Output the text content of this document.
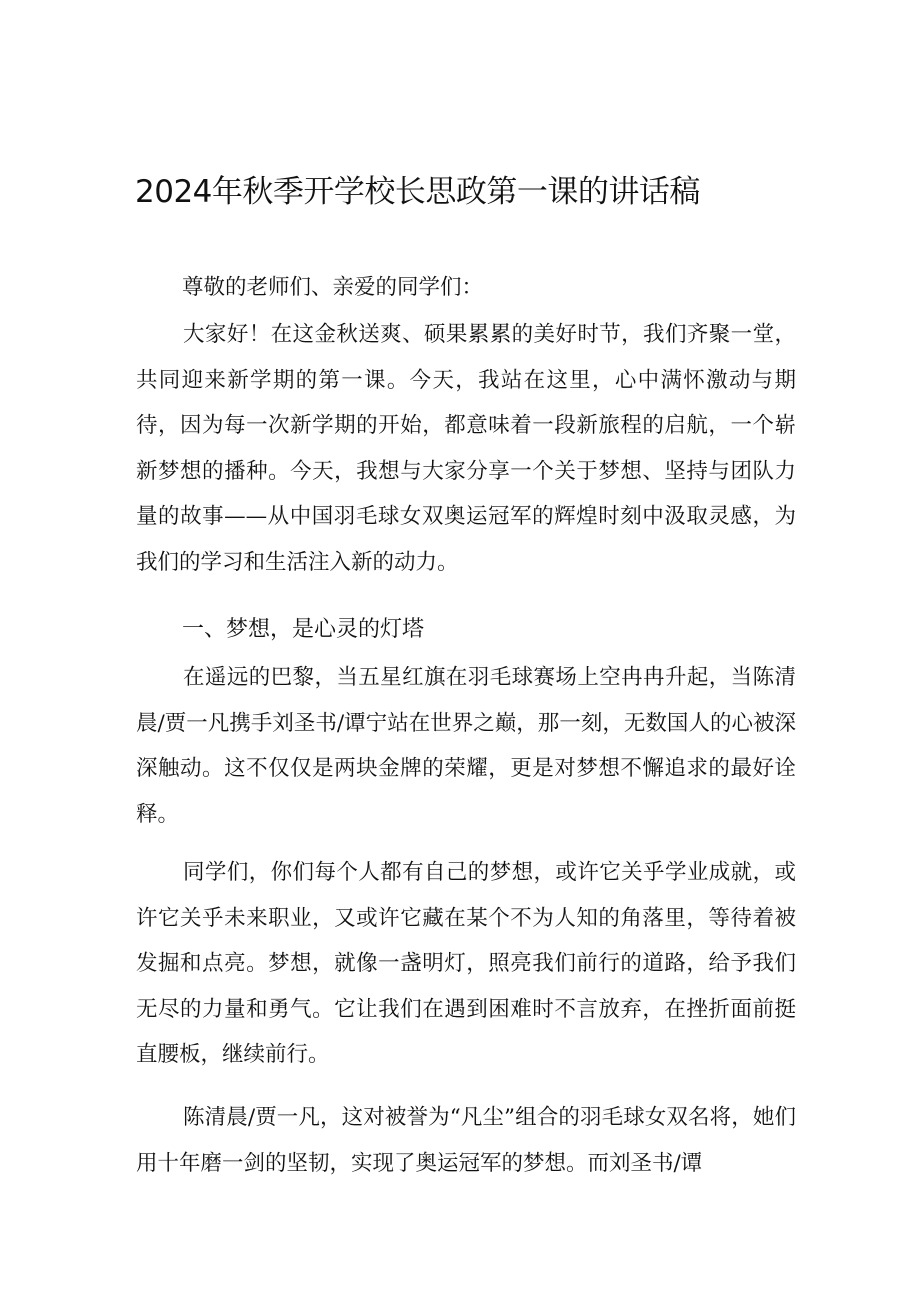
2024年秋季开学校长思政第一课的讲话稿

尊敬的老师们、亲爱的同学们：

大家好！在这金秋送爽、硕果累累的美好时节，我们齐聚一堂，共同迎来新学期的第一课。今天，我站在这里，心中满怀激动与期待，因为每一次新学期的开始，都意味着一段新旅程的启航，一个崭新梦想的播种。今天，我想与大家分享一个关于梦想、坚持与团队力量的故事——从中国羽毛球女双奥运冠军的辉煌时刻中汲取灵感，为我们的学习和生活注入新的动力。

一、梦想，是心灵的灯塔

在遥远的巴黎，当五星红旗在羽毛球赛场上空冉冉升起，当陈清晨/贾一凡携手刘圣书/谭宁站在世界之巅，那一刻，无数国人的心被深深触动。这不仅仅是两块金牌的荣耀，更是对梦想不懈追求的最好诠释。

同学们，你们每个人都有自己的梦想，或许它关乎学业成就，或许它关乎未来职业，又或许它藏在某个不为人知的角落里，等待着被发掘和点亮。梦想，就像一盏明灯，照亮我们前行的道路，给予我们无尽的力量和勇气。它让我们在遇到困难时不言放弃，在挫折面前挺直腰板，继续前行。

陈清晨/贾一凡，这对被誉为“凡尘”组合的羽毛球女双名将，她们用十年磨一剑的坚韧，实现了奥运冠军的梦想。而刘圣书/谭
